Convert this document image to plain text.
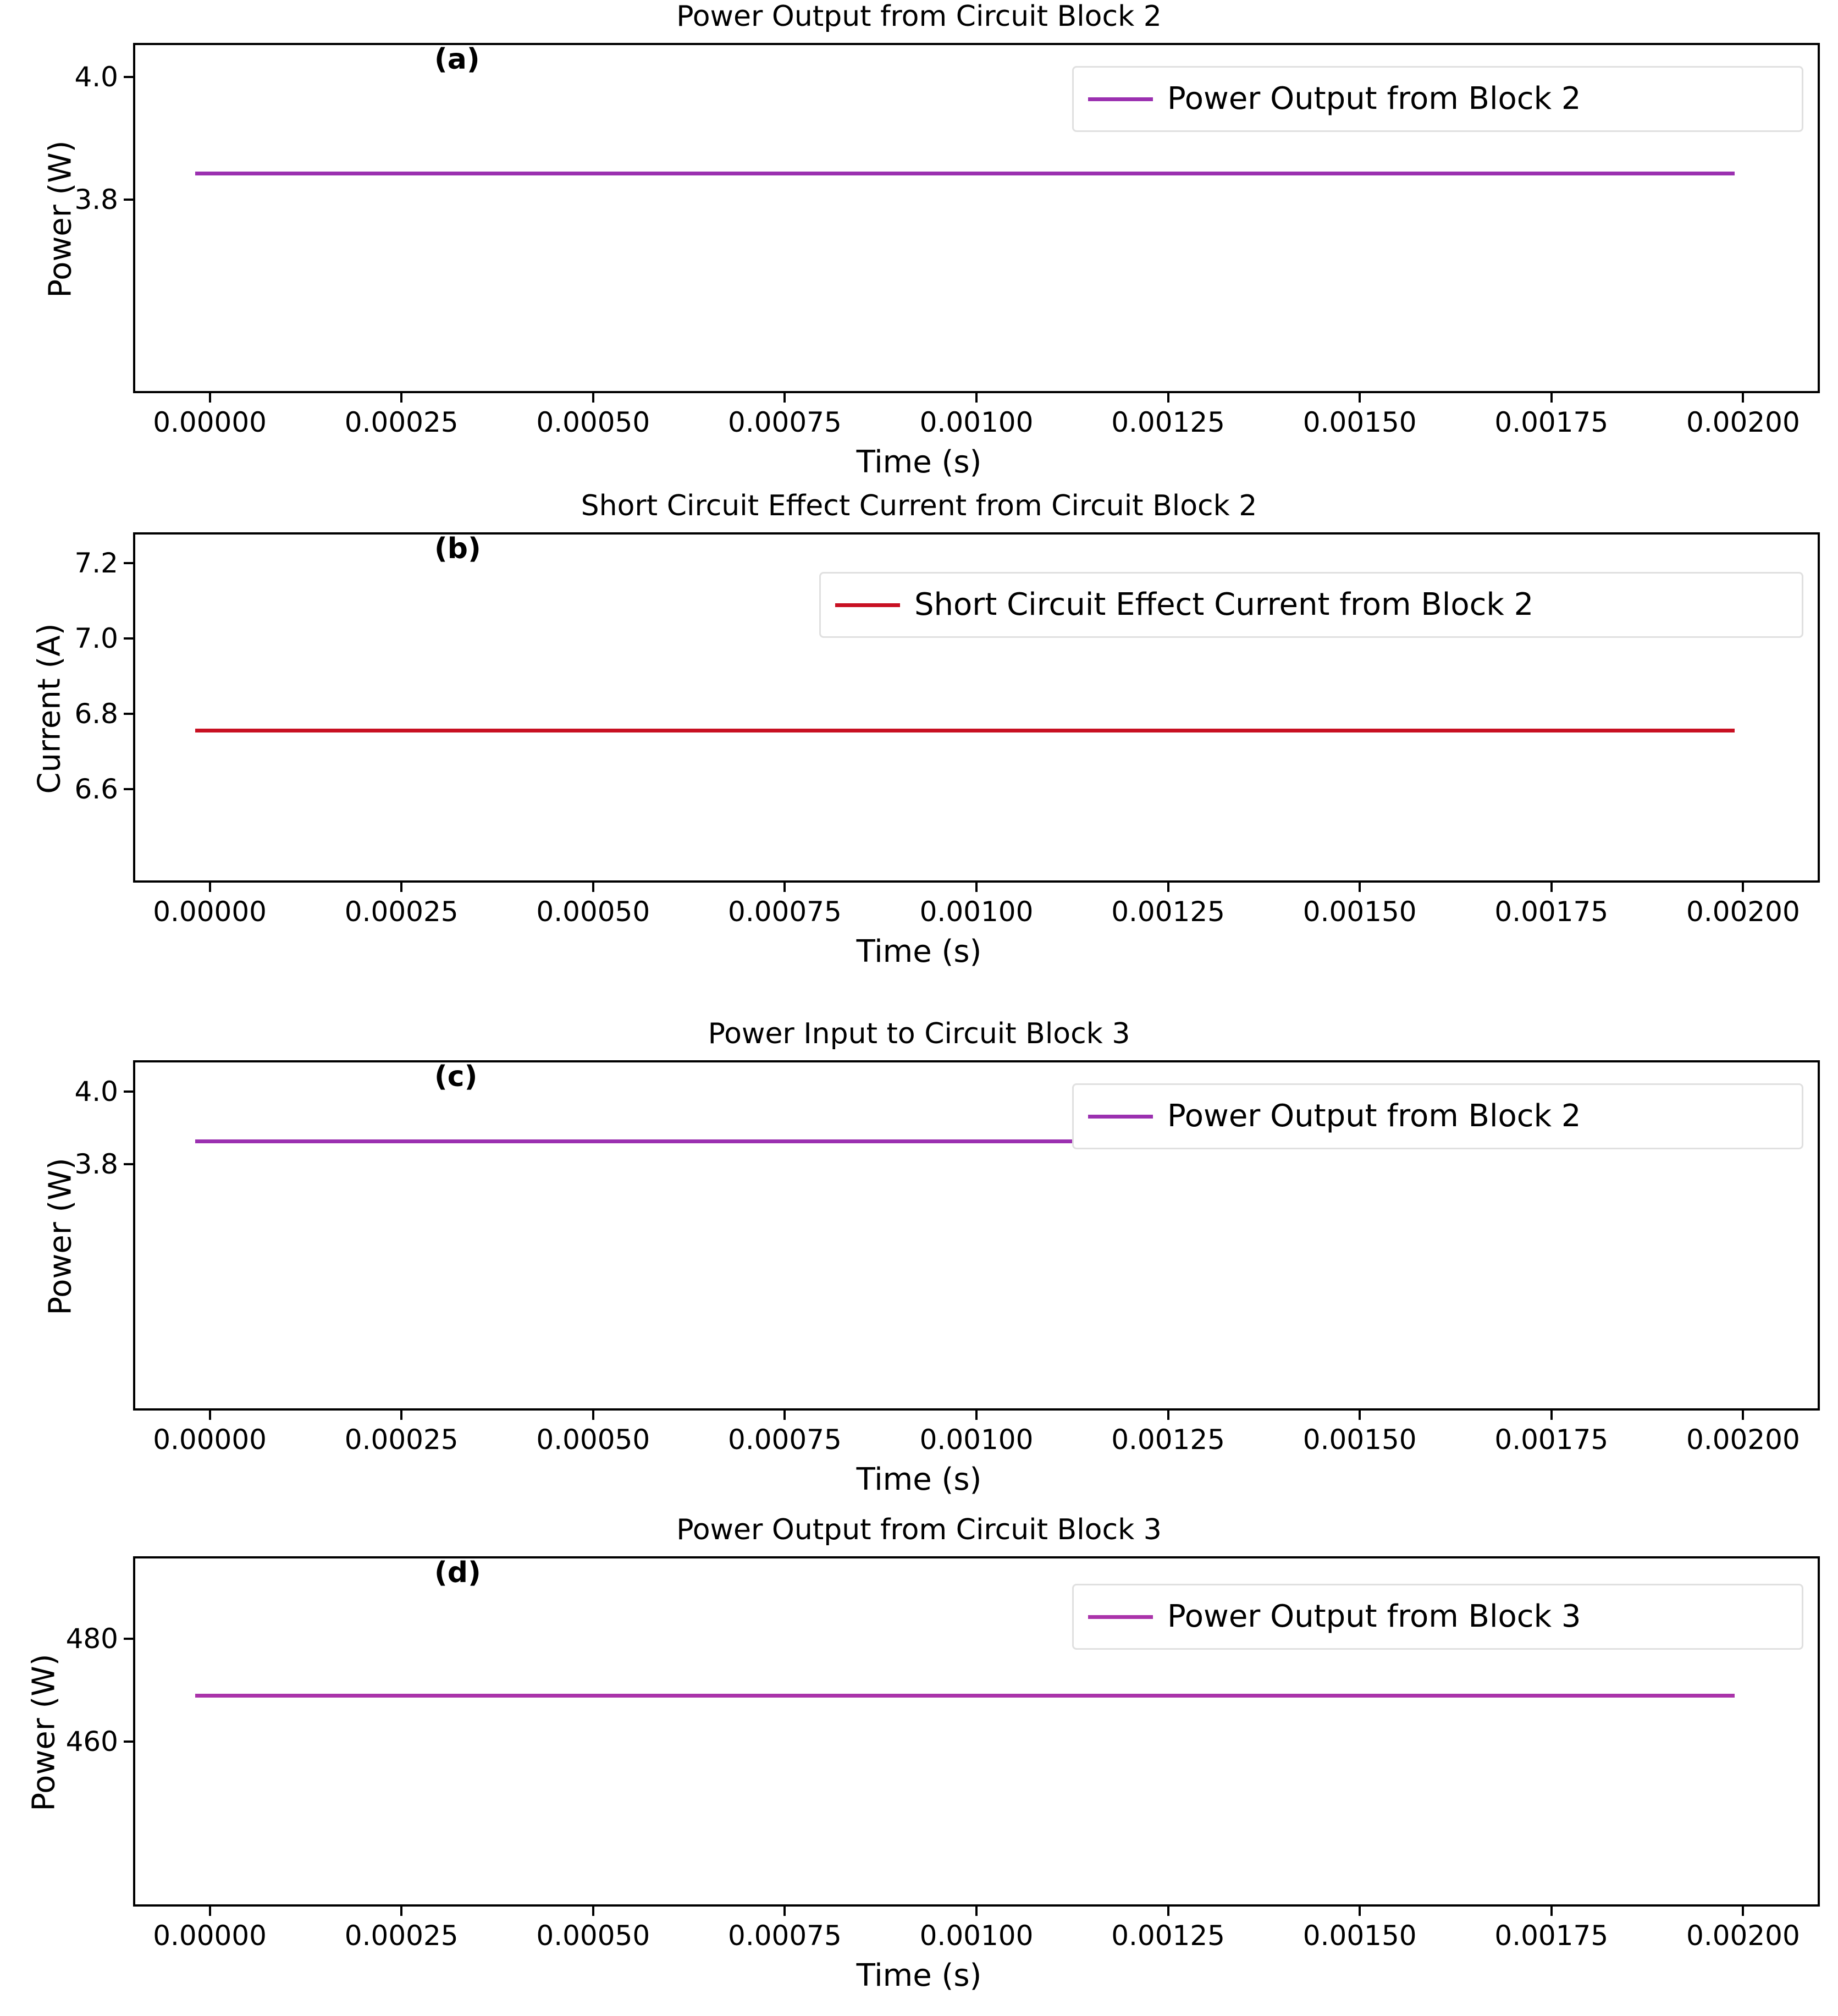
Power Output from Circuit Block 2
(a)
Power (W)
Time (s)
4.0
3.8
Power Output from Block 2
0.00000	0.00025	0.00050	0.00075	0.00100	0.00125	0.00150	0.00175	0.00200
Short Circuit Effect Current from Circuit Block 2
(b)
Current (A)
Time (s)
7.2
7.0
6.8
6.6
Short Circuit Effect Current from Block 2
0.00000	0.00025	0.00050	0.00075	0.00100	0.00125	0.00150	0.00175	0.00200
Power Input to Circuit Block 3
(c)
Power (W)
Time (s)
4.0
3.8
Power Output from Block 2
0.00000	0.00025	0.00050	0.00075	0.00100	0.00125	0.00150	0.00175	0.00200
Power Output from Circuit Block 3
(d)
Power (W)
Time (s)
480
460
Power Output from Block 3
0.00000	0.00025	0.00050	0.00075	0.00100	0.00125	0.00150	0.00175	0.00200
